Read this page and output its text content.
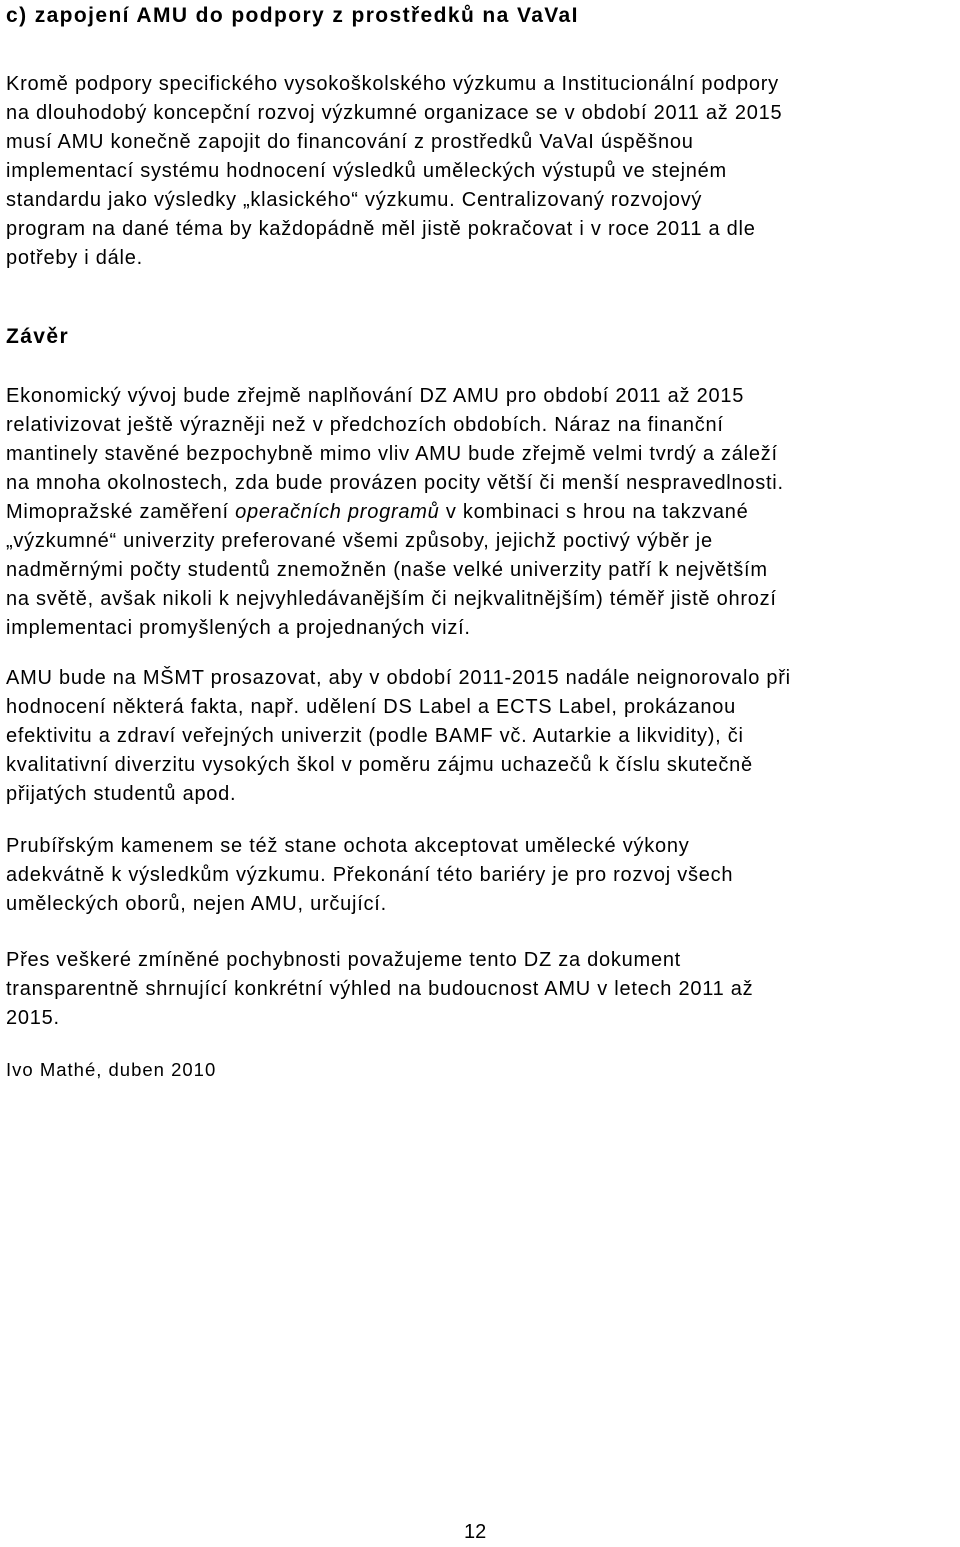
c) zapojení AMU do podpory z prostředků na VaVaI

Kromě podpory specifického vysokoškolského výzkumu a Institucionální podpory
na dlouhodobý koncepční rozvoj výzkumné organizace se v období 2011 až 2015
musí AMU konečně zapojit do financování z prostředků VaVaI úspěšnou
implementací systému hodnocení výsledků uměleckých výstupů ve stejném
standardu jako výsledky „klasického“ výzkumu. Centralizovaný rozvojový
program na dané téma by každopádně měl jistě pokračovat i v roce 2011 a dle
potřeby i dále.

Závěr

Ekonomický vývoj bude zřejmě naplňování DZ AMU pro období 2011 až 2015
relativizovat ještě výrazněji než v předchozích obdobích. Náraz na finanční
mantinely stavěné bezpochybně mimo vliv AMU bude zřejmě velmi tvrdý a záleží
na mnoha okolnostech, zda bude provázen pocity větší či menší nespravedlnosti.
Mimopražské zaměření operačních programů v kombinaci s hrou na takzvané
„výzkumné“ univerzity preferované všemi způsoby, jejichž poctivý výběr je
nadměrnými počty studentů znemožněn (naše velké univerzity patří k největším
na světě, avšak nikoli k nejvyhledávanějším či nejkvalitnějším) téměř jistě ohrozí
implementaci promyšlených a projednaných vizí.

AMU bude na MŠMT prosazovat, aby v období 2011-2015 nadále neignorovalo při
hodnocení některá fakta, např. udělení DS Label a ECTS Label, prokázanou
efektivitu a zdraví veřejných univerzit (podle BAMF vč. Autarkie a likvidity), či
kvalitativní diverzitu vysokých škol v poměru zájmu uchazečů k číslu skutečně
přijatých studentů apod.

Prubířským kamenem se též stane ochota akceptovat umělecké výkony
adekvátně k výsledkům výzkumu. Překonání této bariéry je pro rozvoj všech
uměleckých oborů, nejen AMU, určující.

Přes veškeré zmíněné pochybnosti považujeme tento DZ za dokument
transparentně shrnující konkrétní výhled na budoucnost AMU v letech 2011 až
2015.

Ivo Mathé, duben 2010

12
